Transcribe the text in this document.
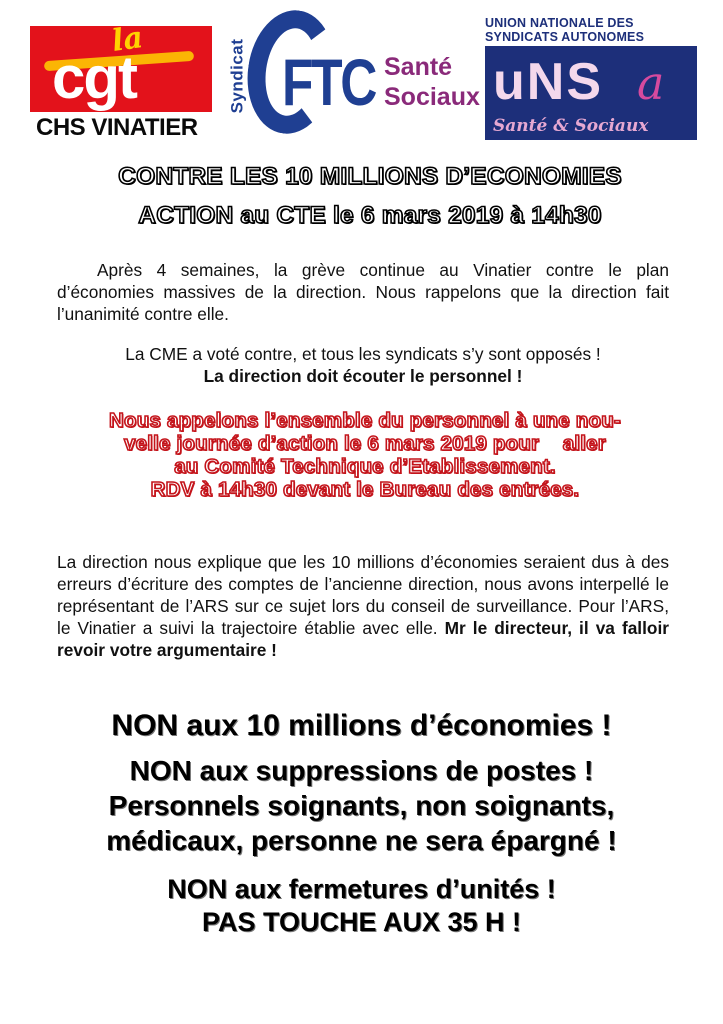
la
cgt
CHS VINATIER
Syndicat FTC Santé
Sociaux
UNION NATIONALE DES
SYNDICATS AUTONOMES
uNS a
Santé & Sociaux
CONTRE LES 10 MILLIONS D’ECONOMIES
ACTION au CTE le 6 mars 2019 à 14h30
Après 4 semaines, la grève continue au Vinatier contre le plan d’économies massives de la direction. Nous rappelons que la direction fait l’unanimité contre elle.
La CME a voté contre, et tous les syndicats s’y sont opposés !
La direction doit écouter le personnel !
Nous appelons l’ensemble du personnel à une nou-
velle journée d’action le 6 mars 2019 pour    aller
au Comité Technique d’Etablissement.
RDV à 14h30 devant le Bureau des entrées.
La direction nous explique que les 10 millions d’économies seraient dus à des erreurs d’écriture des comptes de l’ancienne direction, nous avons interpellé le représentant de l’ARS sur ce sujet lors du conseil de surveillance. Pour l’ARS, le Vinatier a suivi la trajectoire établie avec elle. Mr le directeur, il va falloir revoir votre argumentaire !
NON aux 10 millions d’économies !
NON aux suppressions de postes !
Personnels soignants, non soignants,
médicaux, personne ne sera épargné !
NON aux fermetures d’unités !
PAS TOUCHE AUX 35 H !
